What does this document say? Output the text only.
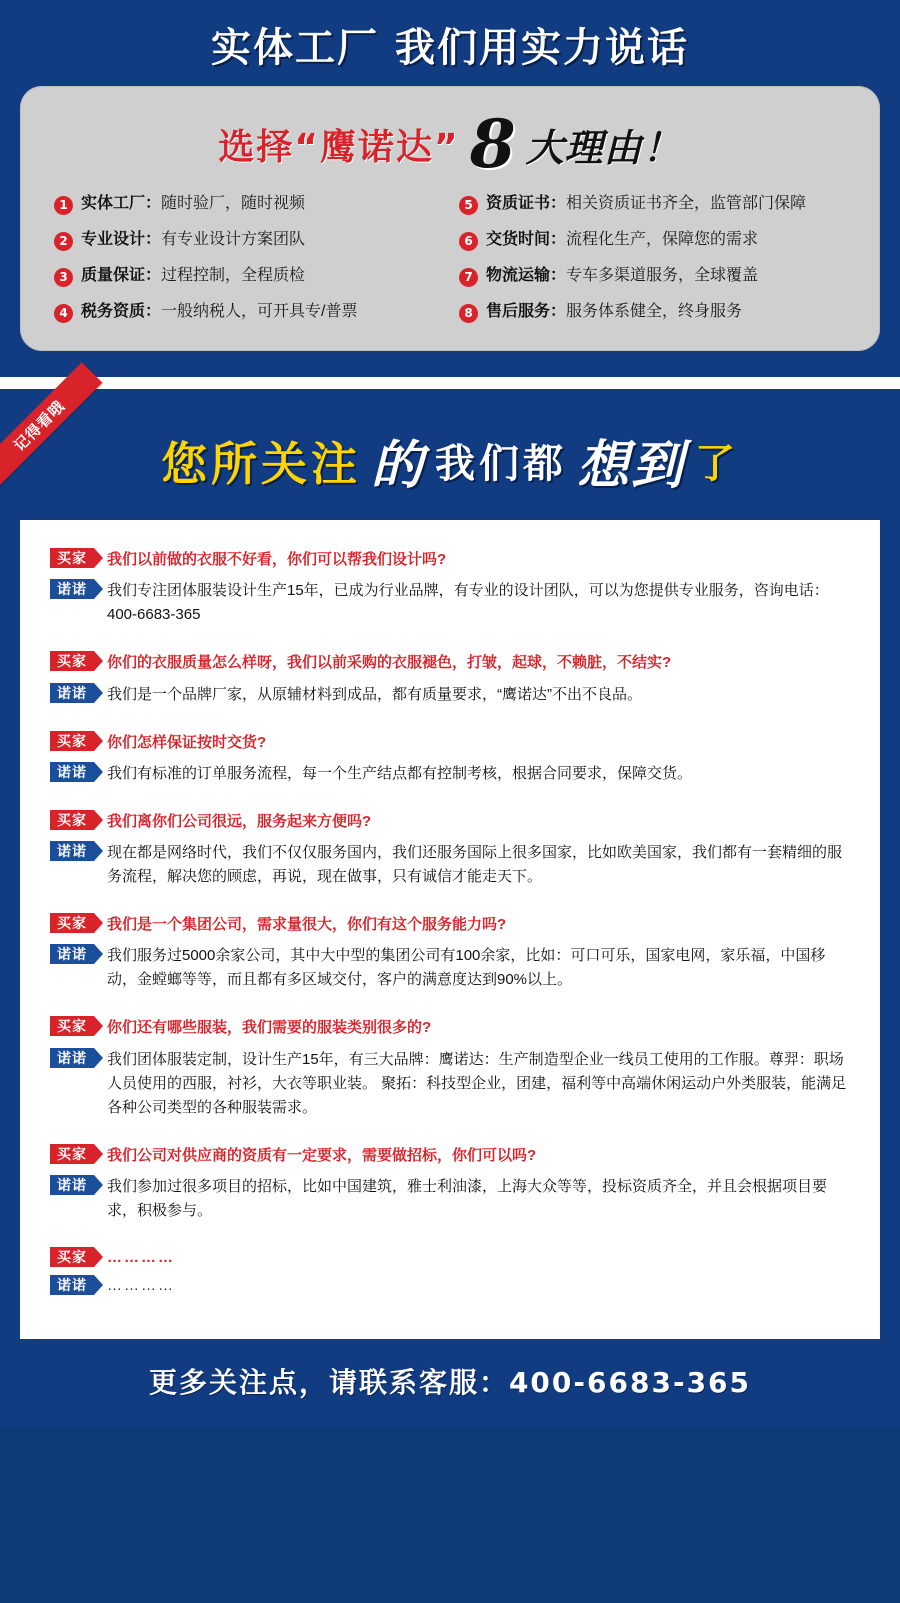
实体工厂 我们用实力说话
选择“鹰诺达” 8 大理由！
1 实体工厂：随时验厂，随时视频	5 资质证书：相关资质证书齐全，监管部门保障
2 专业设计：有专业设计方案团队	6 交货时间：流程化生产，保障您的需求
3 质量保证：过程控制，全程质检	7 物流运输：专车多渠道服务，全球覆盖
4 税务资质：一般纳税人，可开具专/普票	8 售后服务：服务体系健全，终身服务
记得看哦
您所关注 的 我们都 想到 了
买家	我们以前做的衣服不好看，你们可以帮我们设计吗?
诺诺	我们专注团体服装设计生产15年，已成为行业品牌，有专业的设计团队，可以为您提供专业服务，咨询电话：400-6683-365
买家	你们的衣服质量怎么样呀，我们以前采购的衣服褪色，打皱，起球，不赖脏，不结实?
诺诺	我们是一个品牌厂家，从原辅材料到成品，都有质量要求，“鹰诺达”不出不良品。
买家	你们怎样保证按时交货?
诺诺	我们有标准的订单服务流程，每一个生产结点都有控制考核，根据合同要求，保障交货。
买家	我们离你们公司很远，服务起来方便吗?
诺诺	现在都是网络时代，我们不仅仅服务国内，我们还服务国际上很多国家，比如欧美国家，我们都有一套精细的服务流程，解决您的顾虑，再说，现在做事，只有诚信才能走天下。
买家	我们是一个集团公司，需求量很大，你们有这个服务能力吗?
诺诺	我们服务过5000余家公司，其中大中型的集团公司有100余家，比如：可口可乐，国家电网，家乐福，中国移动，金螳螂等等，而且都有多区域交付，客户的满意度达到90%以上。
买家	你们还有哪些服装，我们需要的服装类别很多的?
诺诺	我们团体服装定制，设计生产15年，有三大品牌：鹰诺达：生产制造型企业一线员工使用的工作服。尊羿：职场人员使用的西服，衬衫，大衣等职业装。 聚拓：科技型企业，团建，福利等中高端休闲运动户外类服装，能满足各种公司类型的各种服装需求。
买家	我们公司对供应商的资质有一定要求，需要做招标，你们可以吗?
诺诺	我们参加过很多项目的招标，比如中国建筑，雅士利油漆，上海大众等等，投标资质齐全，并且会根据项目要求，积极参与。
买家	…………
诺诺	…………
更多关注点，请联系客服：400-6683-365
